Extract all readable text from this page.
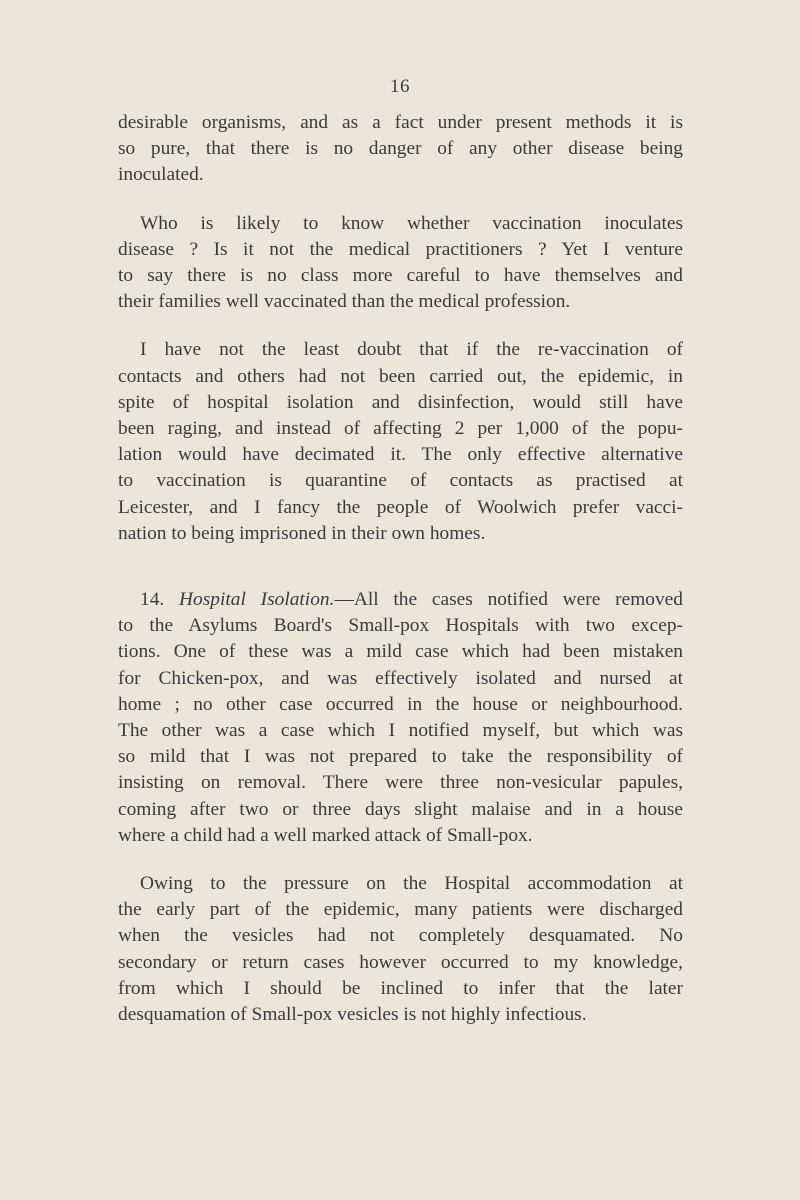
16

desirable organisms, and as a fact under present methods it is
so pure, that there is no danger of any other disease being
inoculated.

Who is likely to know whether vaccination inoculates
disease ? Is it not the medical practitioners ? Yet I venture
to say there is no class more careful to have themselves and
their families well vaccinated than the medical profession.

I have not the least doubt that if the re-vaccination of
contacts and others had not been carried out, the epidemic, in
spite of hospital isolation and disinfection, would still have
been raging, and instead of affecting 2 per 1,000 of the popu-
lation would have decimated it. The only effective alternative
to vaccination is quarantine of contacts as practised at
Leicester, and I fancy the people of Woolwich prefer vacci-
nation to being imprisoned in their own homes.

14. Hospital Isolation.—All the cases notified were removed
to the Asylums Board's Small-pox Hospitals with two excep-
tions. One of these was a mild case which had been mistaken
for Chicken-pox, and was effectively isolated and nursed at
home ; no other case occurred in the house or neighbourhood.
The other was a case which I notified myself, but which was
so mild that I was not prepared to take the responsibility of
insisting on removal. There were three non-vesicular papules,
coming after two or three days slight malaise and in a house
where a child had a well marked attack of Small-pox.

Owing to the pressure on the Hospital accommodation at
the early part of the epidemic, many patients were discharged
when the vesicles had not completely desquamated. No
secondary or return cases however occurred to my knowledge,
from which I should be inclined to infer that the later
desquamation of Small-pox vesicles is not highly infectious.
